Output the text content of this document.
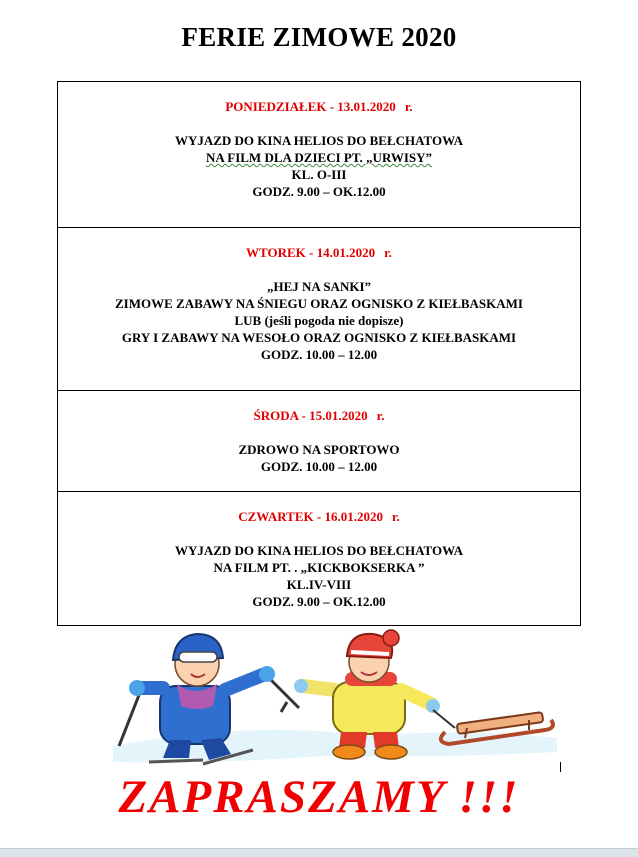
FERIE ZIMOWE 2020
PONIEDZIAŁEK - 13.01.2020 r.
WYJAZD DO KINA HELIOS DO BEŁCHATOWA
NA FILM DLA DZIECI PT. „URWISY”
KL. O-III
GODZ. 9.00 – OK.12.00

WTOREK - 14.01.2020 r.
„HEJ NA SANKI”
ZIMOWE ZABAWY NA ŚNIEGU ORAZ OGNISKO Z KIEŁBASKAMI
LUB (jeśli pogoda nie dopisze)
GRY I ZABAWY NA WESOŁO ORAZ OGNISKO Z KIEŁBASKAMI
GODZ. 10.00 – 12.00

ŚRODA - 15.01.2020 r.
ZDROWO NA SPORTOWO
GODZ. 10.00 – 12.00

CZWARTEK - 16.01.2020 r.
WYJAZD DO KINA HELIOS DO BEŁCHATOWA
NA FILM PT. . „KICKBOKSERKA ”
KL.IV-VIII
GODZ. 9.00 – OK.12.00
ZAPRASZAMY !!!
